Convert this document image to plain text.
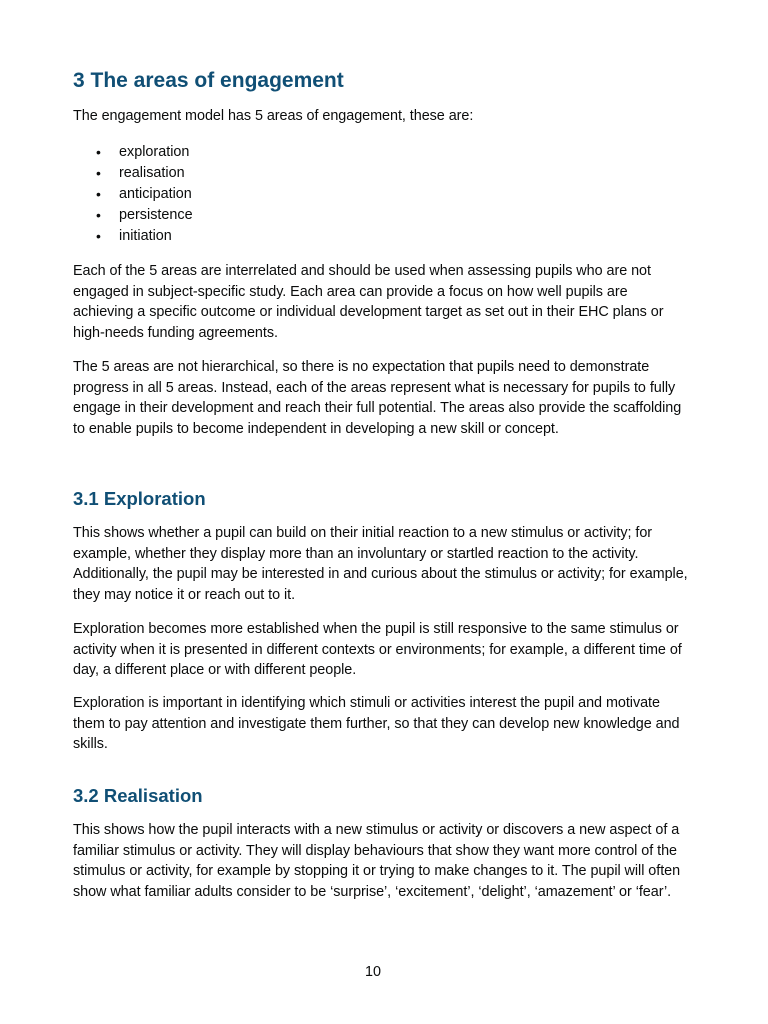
3 The areas of engagement

The engagement model has 5 areas of engagement, these are:

• exploration
• realisation
• anticipation
• persistence
• initiation

Each of the 5 areas are interrelated and should be used when assessing pupils who are not engaged in subject-specific study. Each area can provide a focus on how well pupils are achieving a specific outcome or individual development target as set out in their EHC plans or high-needs funding agreements.

The 5 areas are not hierarchical, so there is no expectation that pupils need to demonstrate progress in all 5 areas. Instead, each of the areas represent what is necessary for pupils to fully engage in their development and reach their full potential. The areas also provide the scaffolding to enable pupils to become independent in developing a new skill or concept.

3.1 Exploration

This shows whether a pupil can build on their initial reaction to a new stimulus or activity; for example, whether they display more than an involuntary or startled reaction to the activity. Additionally, the pupil may be interested in and curious about the stimulus or activity; for example, they may notice it or reach out to it.

Exploration becomes more established when the pupil is still responsive to the same stimulus or activity when it is presented in different contexts or environments; for example, a different time of day, a different place or with different people.

Exploration is important in identifying which stimuli or activities interest the pupil and motivate them to pay attention and investigate them further, so that they can develop new knowledge and skills.

3.2 Realisation

This shows how the pupil interacts with a new stimulus or activity or discovers a new aspect of a familiar stimulus or activity. They will display behaviours that show they want more control of the stimulus or activity, for example by stopping it or trying to make changes to it. The pupil will often show what familiar adults consider to be ‘surprise’, ‘excitement’, ‘delight’, ‘amazement’ or ‘fear’.

10
